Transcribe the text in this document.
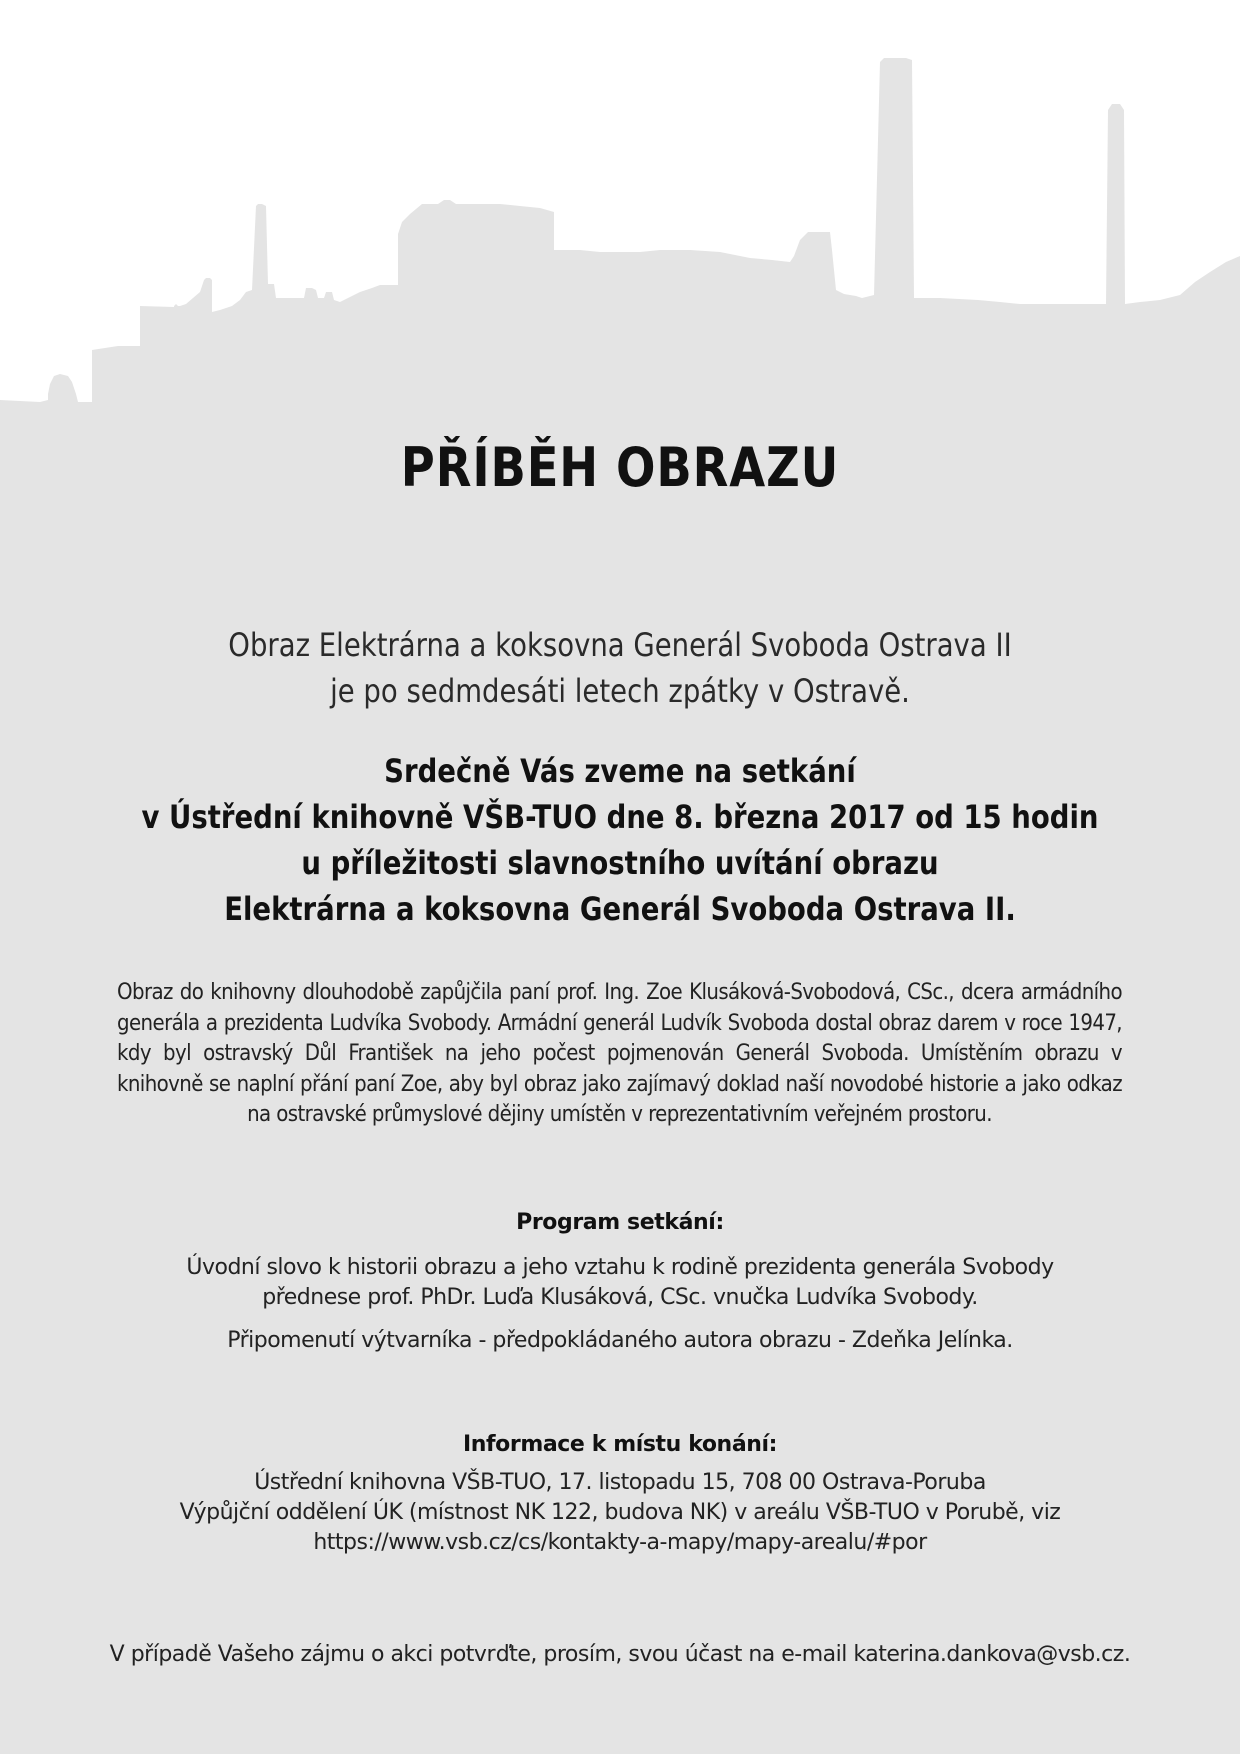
PŘÍBĚH OBRAZU
Obraz Elektrárna a koksovna Generál Svoboda Ostrava II
je po sedmdesáti letech zpátky v Ostravě.
Srdečně Vás zveme na setkání
v Ústřední knihovně VŠB-TUO dne 8. března 2017 od 15 hodin
u příležitosti slavnostního uvítání obrazu
Elektrárna a koksovna Generál Svoboda Ostrava II.
Obraz do knihovny dlouhodobě zapůjčila paní prof. Ing. Zoe Klusáková-Svobodová, CSc., dcera armádního generála a prezidenta Ludvíka Svobody. Armádní generál Ludvík Svoboda dostal obraz darem v roce 1947, kdy byl ostravský Důl František na jeho počest pojmenován Generál Svoboda. Umístěním obrazu v knihovně se naplní přání paní Zoe, aby byl obraz jako zajímavý doklad naší novodobé historie a jako odkaz na ostravské průmyslové dějiny umístěn v reprezentativním veřejném prostoru.
Program setkání:
Úvodní slovo k historii obrazu a jeho vztahu k rodině prezidenta generála Svobody
přednese prof. PhDr. Luďa Klusáková, CSc. vnučka Ludvíka Svobody.
Připomenutí výtvarníka - předpokládaného autora obrazu - Zdeňka Jelínka.
Informace k místu konání:
Ústřední knihovna VŠB-TUO, 17. listopadu 15, 708 00 Ostrava-Poruba
Výpůjční oddělení ÚK (místnost NK 122, budova NK) v areálu VŠB-TUO v Porubě, viz
https://www.vsb.cz/cs/kontakty-a-mapy/mapy-arealu/#por
V případě Vašeho zájmu o akci potvrďte, prosím, svou účast na e-mail katerina.dankova@vsb.cz.
